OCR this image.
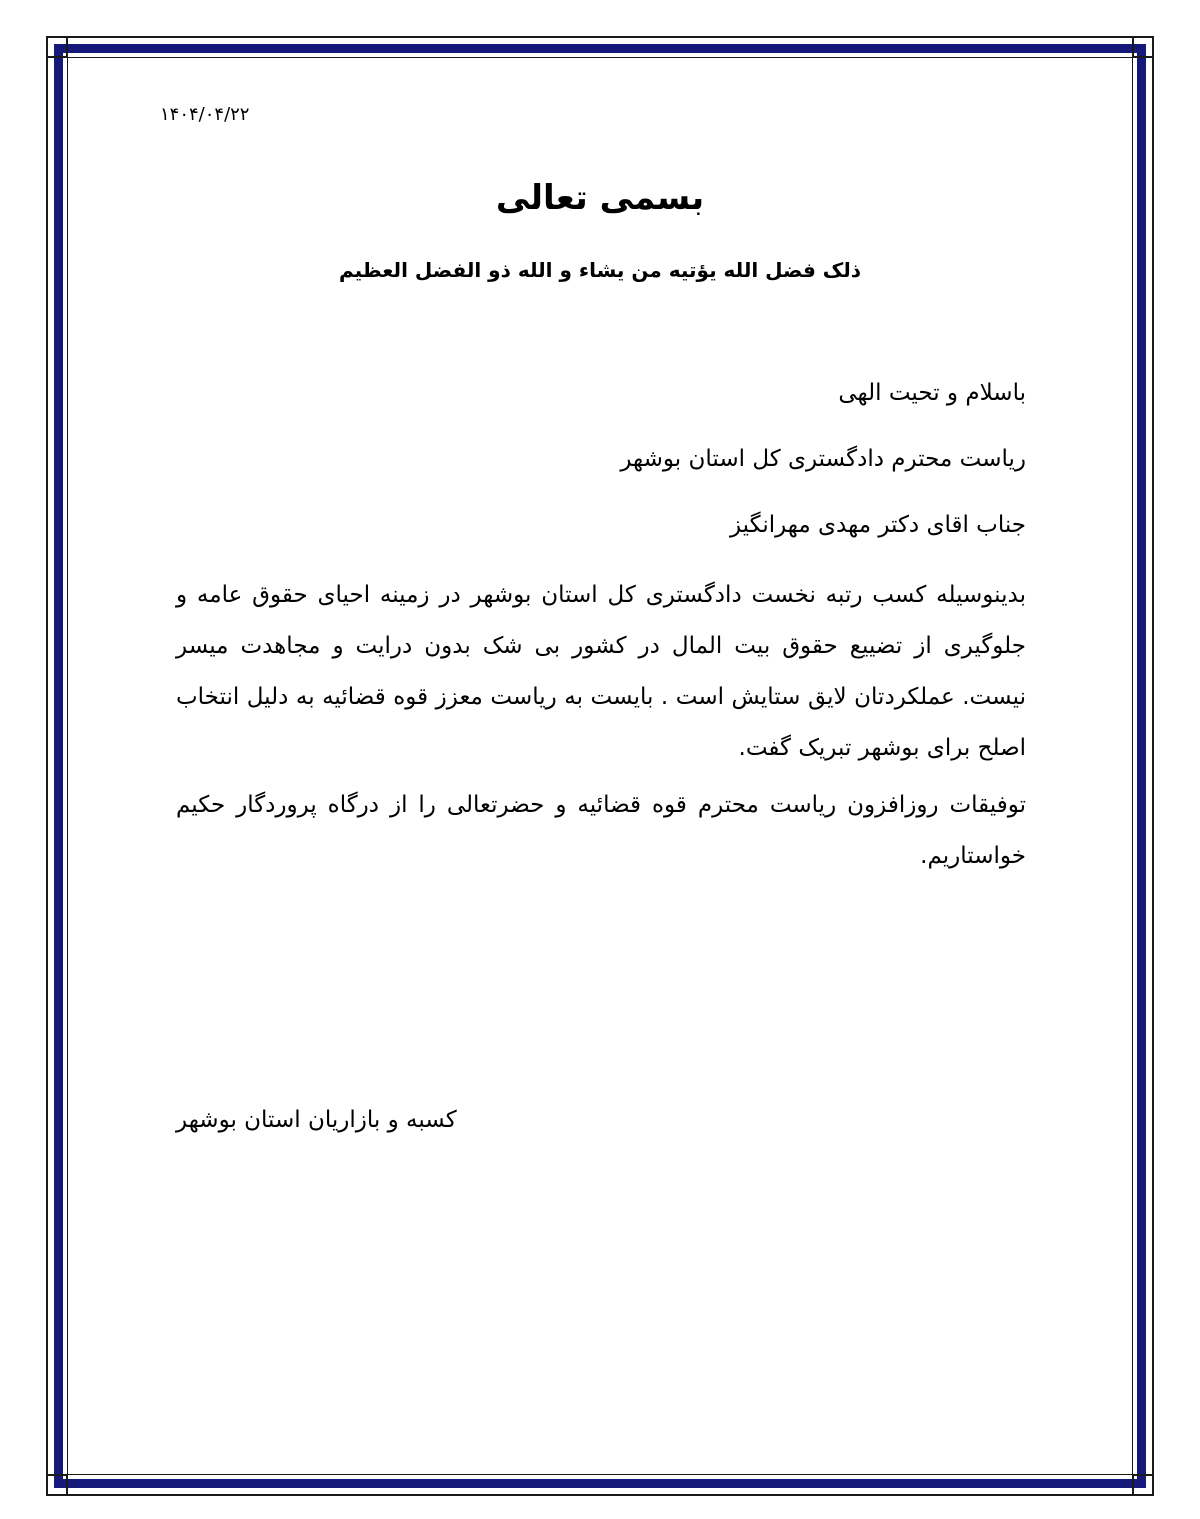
۱۴۰۴/۰۴/۲۲
بسمی تعالی
ذلک فضل الله یؤتیه من یشاء و الله ذو الفضل العظیم

باسلام و تحیت الهی

ریاست محترم دادگستری کل استان بوشهر

جناب اقای دکتر مهدی مهرانگیز

بدینوسیله کسب رتبه نخست دادگستری کل استان بوشهر در زمینه احیای حقوق عامه و جلوگیری از تضییع حقوق بیت المال در کشور بی شک بدون درایت و مجاهدت میسر نیست. عملکردتان لایق ستایش است . بایست به ریاست معزز قوه قضائیه به دلیل انتخاب اصلح برای بوشهر تبریک گفت.

توفیقات روزافزون ریاست محترم قوه قضائیه و حضرتعالی را از درگاه پروردگار حکیم خواستاریم.

کسبه و بازاریان استان بوشهر
